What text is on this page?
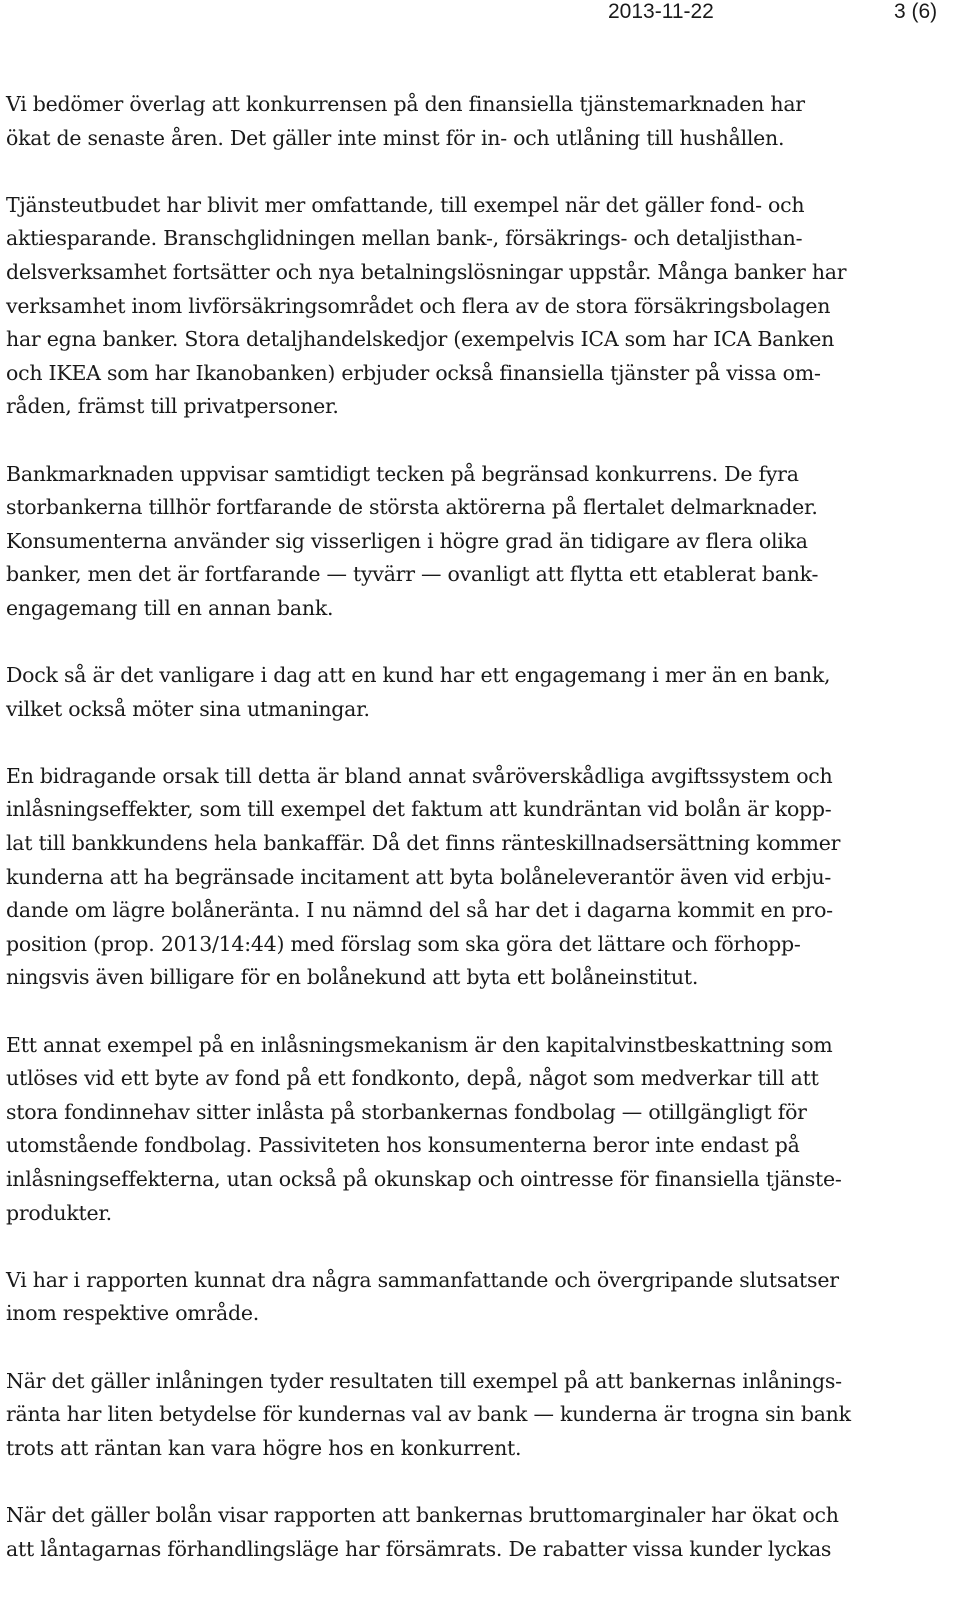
2013-11-22	3 (6)
Vi bedömer överlag att konkurrensen på den finansiella tjänstemarknaden har
ökat de senaste åren. Det gäller inte minst för in- och utlåning till hushållen.
Tjänsteutbudet har blivit mer omfattande, till exempel när det gäller fond- och
aktiesparande. Branschglidningen mellan bank-, försäkrings- och detaljisthan-
delsverksamhet fortsätter och nya betalningslösningar uppstår. Många banker har
verksamhet inom livförsäkringsområdet och flera av de stora försäkringsbolagen
har egna banker. Stora detaljhandelskedjor (exempelvis ICA som har ICA Banken
och IKEA som har Ikanobanken) erbjuder också finansiella tjänster på vissa om-
råden, främst till privatpersoner.
Bankmarknaden uppvisar samtidigt tecken på begränsad konkurrens. De fyra
storbankerna tillhör fortfarande de största aktörerna på flertalet delmarknader.
Konsumenterna använder sig visserligen i högre grad än tidigare av flera olika
banker, men det är fortfarande — tyvärr — ovanligt att flytta ett etablerat bank-
engagemang till en annan bank.
Dock så är det vanligare i dag att en kund har ett engagemang i mer än en bank,
vilket också möter sina utmaningar.
En bidragande orsak till detta är bland annat svåröverskådliga avgiftssystem och
inlåsningseffekter, som till exempel det faktum att kundräntan vid bolån är kopp-
lat till bankkundens hela bankaffär. Då det finns ränteskillnadsersättning kommer
kunderna att ha begränsade incitament att byta bolåneleverantör även vid erbju-
dande om lägre bolåneränta. I nu nämnd del så har det i dagarna kommit en pro-
position (prop. 2013/14:44) med förslag som ska göra det lättare och förhopp-
ningsvis även billigare för en bolånekund att byta ett bolåneinstitut.
Ett annat exempel på en inlåsningsmekanism är den kapitalvinstbeskattning som
utlöses vid ett byte av fond på ett fondkonto, depå, något som medverkar till att
stora fondinnehav sitter inlåsta på storbankernas fondbolag — otillgängligt för
utomstående fondbolag. Passiviteten hos konsumenterna beror inte endast på
inlåsningseffekterna, utan också på okunskap och ointresse för finansiella tjänste-
produkter.
Vi har i rapporten kunnat dra några sammanfattande och övergripande slutsatser
inom respektive område.
När det gäller inlåningen tyder resultaten till exempel på att bankernas inlånings-
ränta har liten betydelse för kundernas val av bank — kunderna är trogna sin bank
trots att räntan kan vara högre hos en konkurrent.
När det gäller bolån visar rapporten att bankernas bruttomarginaler har ökat och
att låntagarnas förhandlingsläge har försämrats. De rabatter vissa kunder lyckas
